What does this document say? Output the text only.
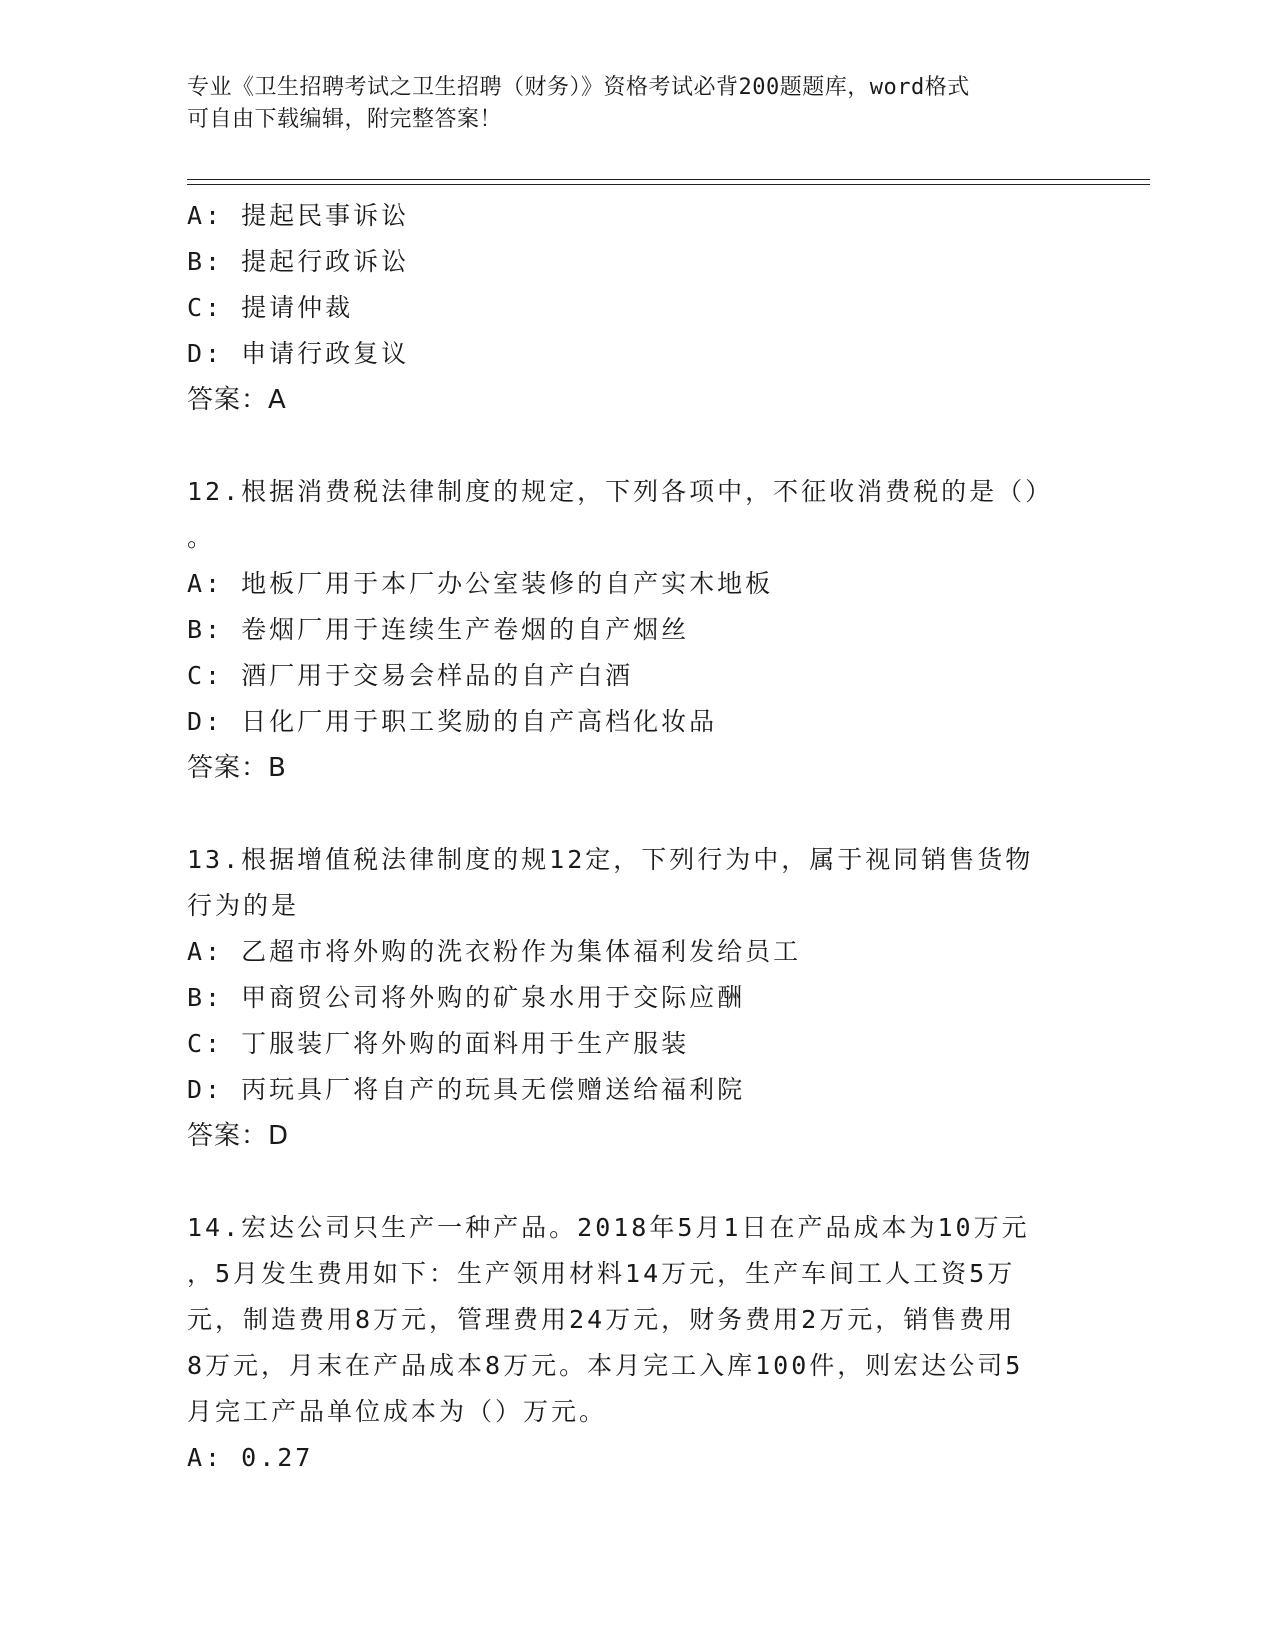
专业《卫生招聘考试之卫生招聘（财务）》资格考试必背200题题库，word格式
可自由下载编辑，附完整答案！
A: 提起民事诉讼
B: 提起行政诉讼
C: 提请仲裁
D: 申请行政复议
答案：A
12.根据消费税法律制度的规定，下列各项中，不征收消费税的是（）
。
A: 地板厂用于本厂办公室装修的自产实木地板
B: 卷烟厂用于连续生产卷烟的自产烟丝
C: 酒厂用于交易会样品的自产白酒
D: 日化厂用于职工奖励的自产高档化妆品
答案：B
13.根据增值税法律制度的规12定，下列行为中，属于视同销售货物
行为的是
A: 乙超市将外购的洗衣粉作为集体福利发给员工
B: 甲商贸公司将外购的矿泉水用于交际应酬
C: 丁服装厂将外购的面料用于生产服装
D: 丙玩具厂将自产的玩具无偿赠送给福利院
答案：D
14.宏达公司只生产一种产品。2018年5月1日在产品成本为10万元
，5月发生费用如下：生产领用材料14万元，生产车间工人工资5万
元，制造费用8万元，管理费用24万元，财务费用2万元，销售费用
8万元，月末在产品成本8万元。本月完工入库100件，则宏达公司5
月完工产品单位成本为（）万元。
A: 0.27
